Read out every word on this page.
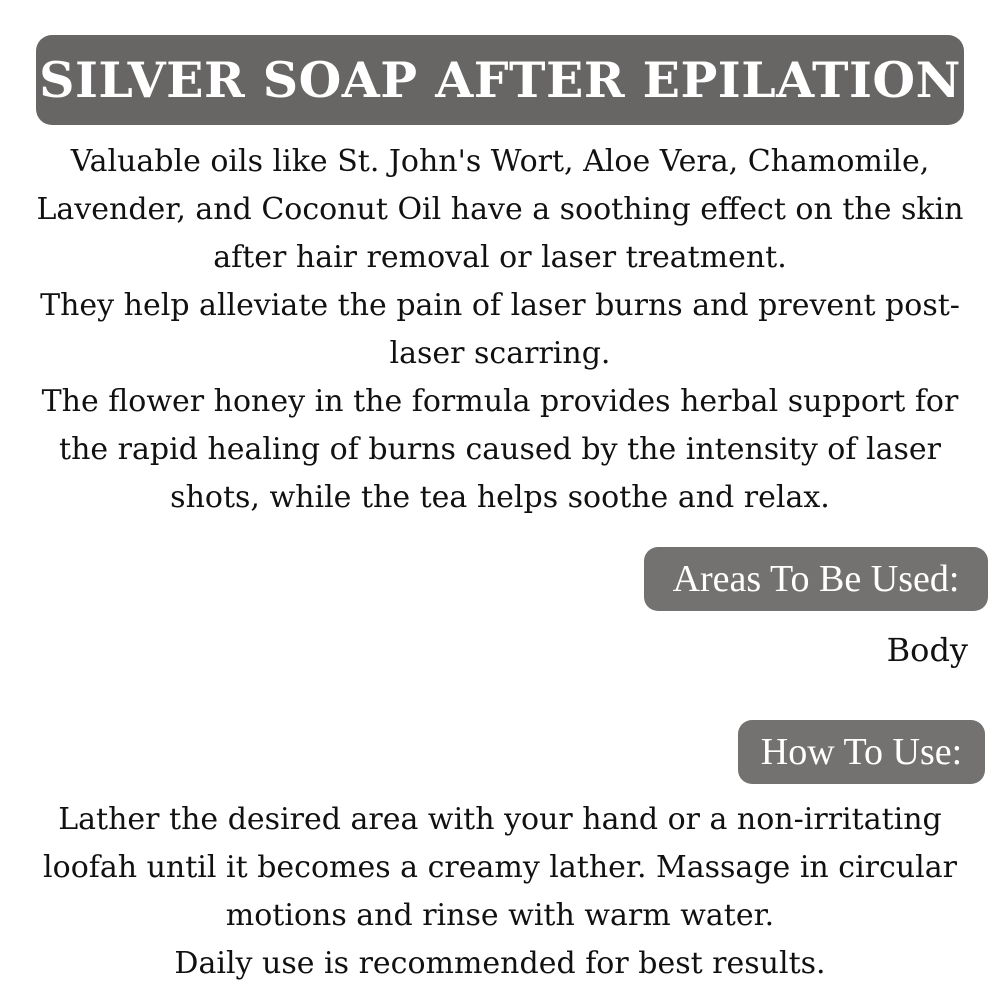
SILVER SOAP AFTER EPILATION

Valuable oils like St. John's Wort, Aloe Vera, Chamomile, Lavender, and Coconut Oil have a soothing effect on the skin after hair removal or laser treatment.

They help alleviate the pain of laser burns and prevent post-laser scarring.

The flower honey in the formula provides herbal support for the rapid healing of burns caused by the intensity of laser shots, while the tea helps soothe and relax.

Areas To Be Used:
Body
How To Use:

Lather the desired area with your hand or a non-irritating loofah until it becomes a creamy lather. Massage in circular motions and rinse with warm water.

Daily use is recommended for best results.
